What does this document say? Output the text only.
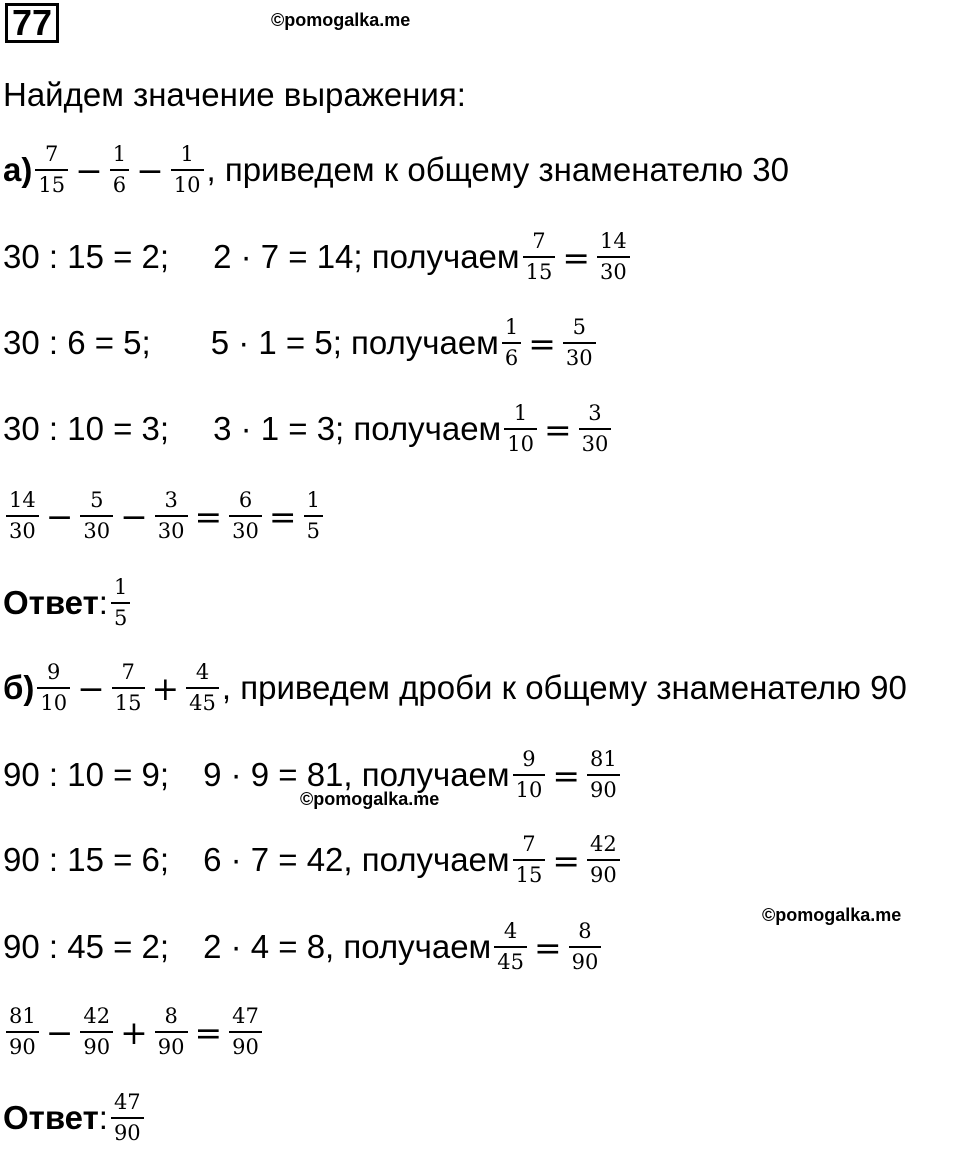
77	©pomogalka.me
©pomogalka.me
©pomogalka.me
Найдем значение выражения:
$а) \frac{7}{15} - \frac{1}{6} - \frac{1}{10}$ , приведем к общему знаменателю 30
30 : 15 = 2; 2 · 7 = 14; получаем $\frac{7}{15} = \frac{14}{30}$
30 : 6 = 5; 5 · 1 = 5; получаем $\frac{1}{6} = \frac{5}{30}$
30 : 10 = 3; 3 · 1 = 3; получаем $\frac{1}{10} = \frac{3}{30}$
$\frac{14}{30} - \frac{5}{30} - \frac{3}{30} = \frac{6}{30} = \frac{1}{5}$
Ответ : $\frac{1}{5}$
$б) \frac{9}{10} - \frac{7}{15} + \frac{4}{45}$ , приведем дроби к общему знаменателю 90
90 : 10 = 9; 9 · 9 = 81, получаем $\frac{9}{10} = \frac{81}{90}$
90 : 15 = 6; 6 · 7 = 42, получаем $\frac{7}{15} = \frac{42}{90}$
90 : 45 = 2; 2 · 4 = 8, получаем $\frac{4}{45} = \frac{8}{90}$
$\frac{81}{90} - \frac{42}{90} + \frac{8}{90} = \frac{47}{90}$
Ответ : $\frac{47}{90}$
